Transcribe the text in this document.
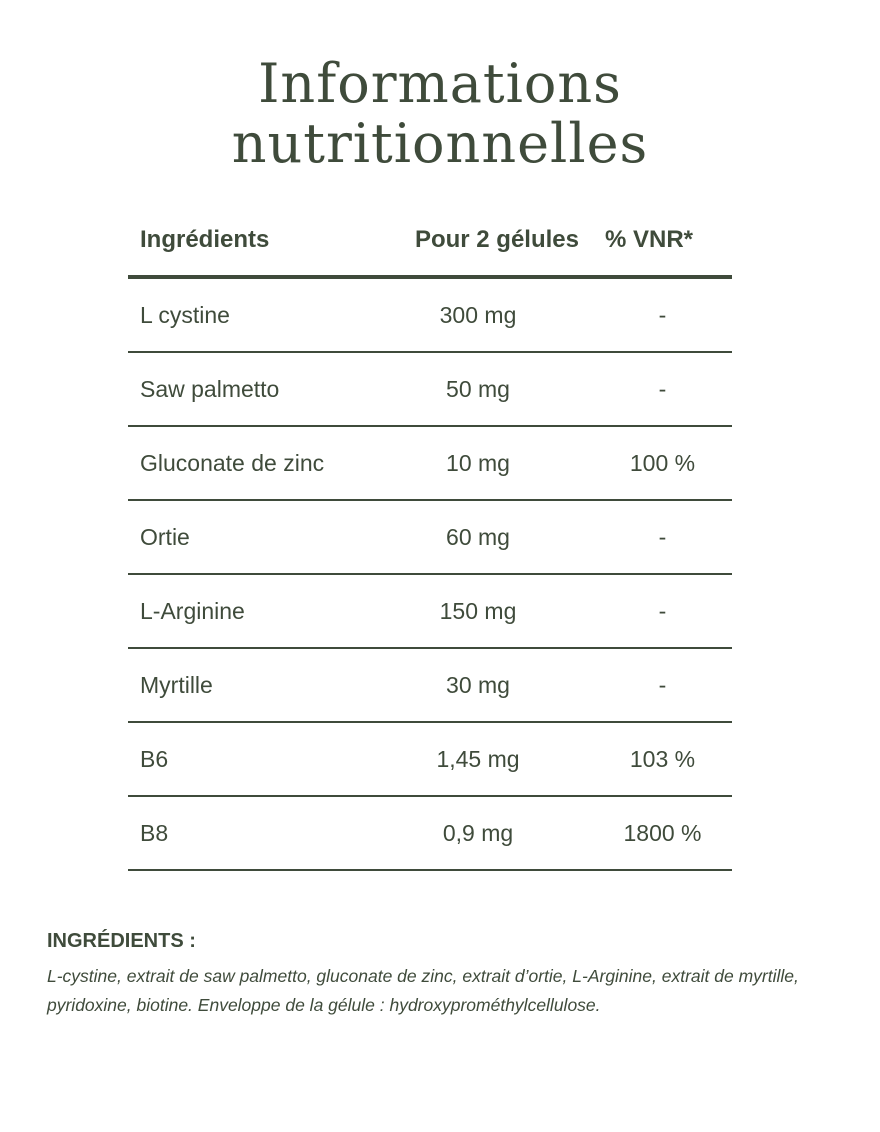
Informations
nutritionnelles
Ingrédients	Pour 2 gélules	% VNR*
L cystine	300 mg	-
Saw palmetto	50 mg	-
Gluconate de zinc	10 mg	100 %
Ortie	60 mg	-
L-Arginine	150 mg	-
Myrtille	30 mg	-
B6	1,45 mg	103 %
B8	0,9 mg	1800 %
INGRÉDIENTS :
L-cystine, extrait de saw palmetto, gluconate de zinc, extrait d’ortie, L-Arginine, extrait de myrtille, pyridoxine, biotine. Enveloppe de la gélule : hydroxyprométhylcellulose.
